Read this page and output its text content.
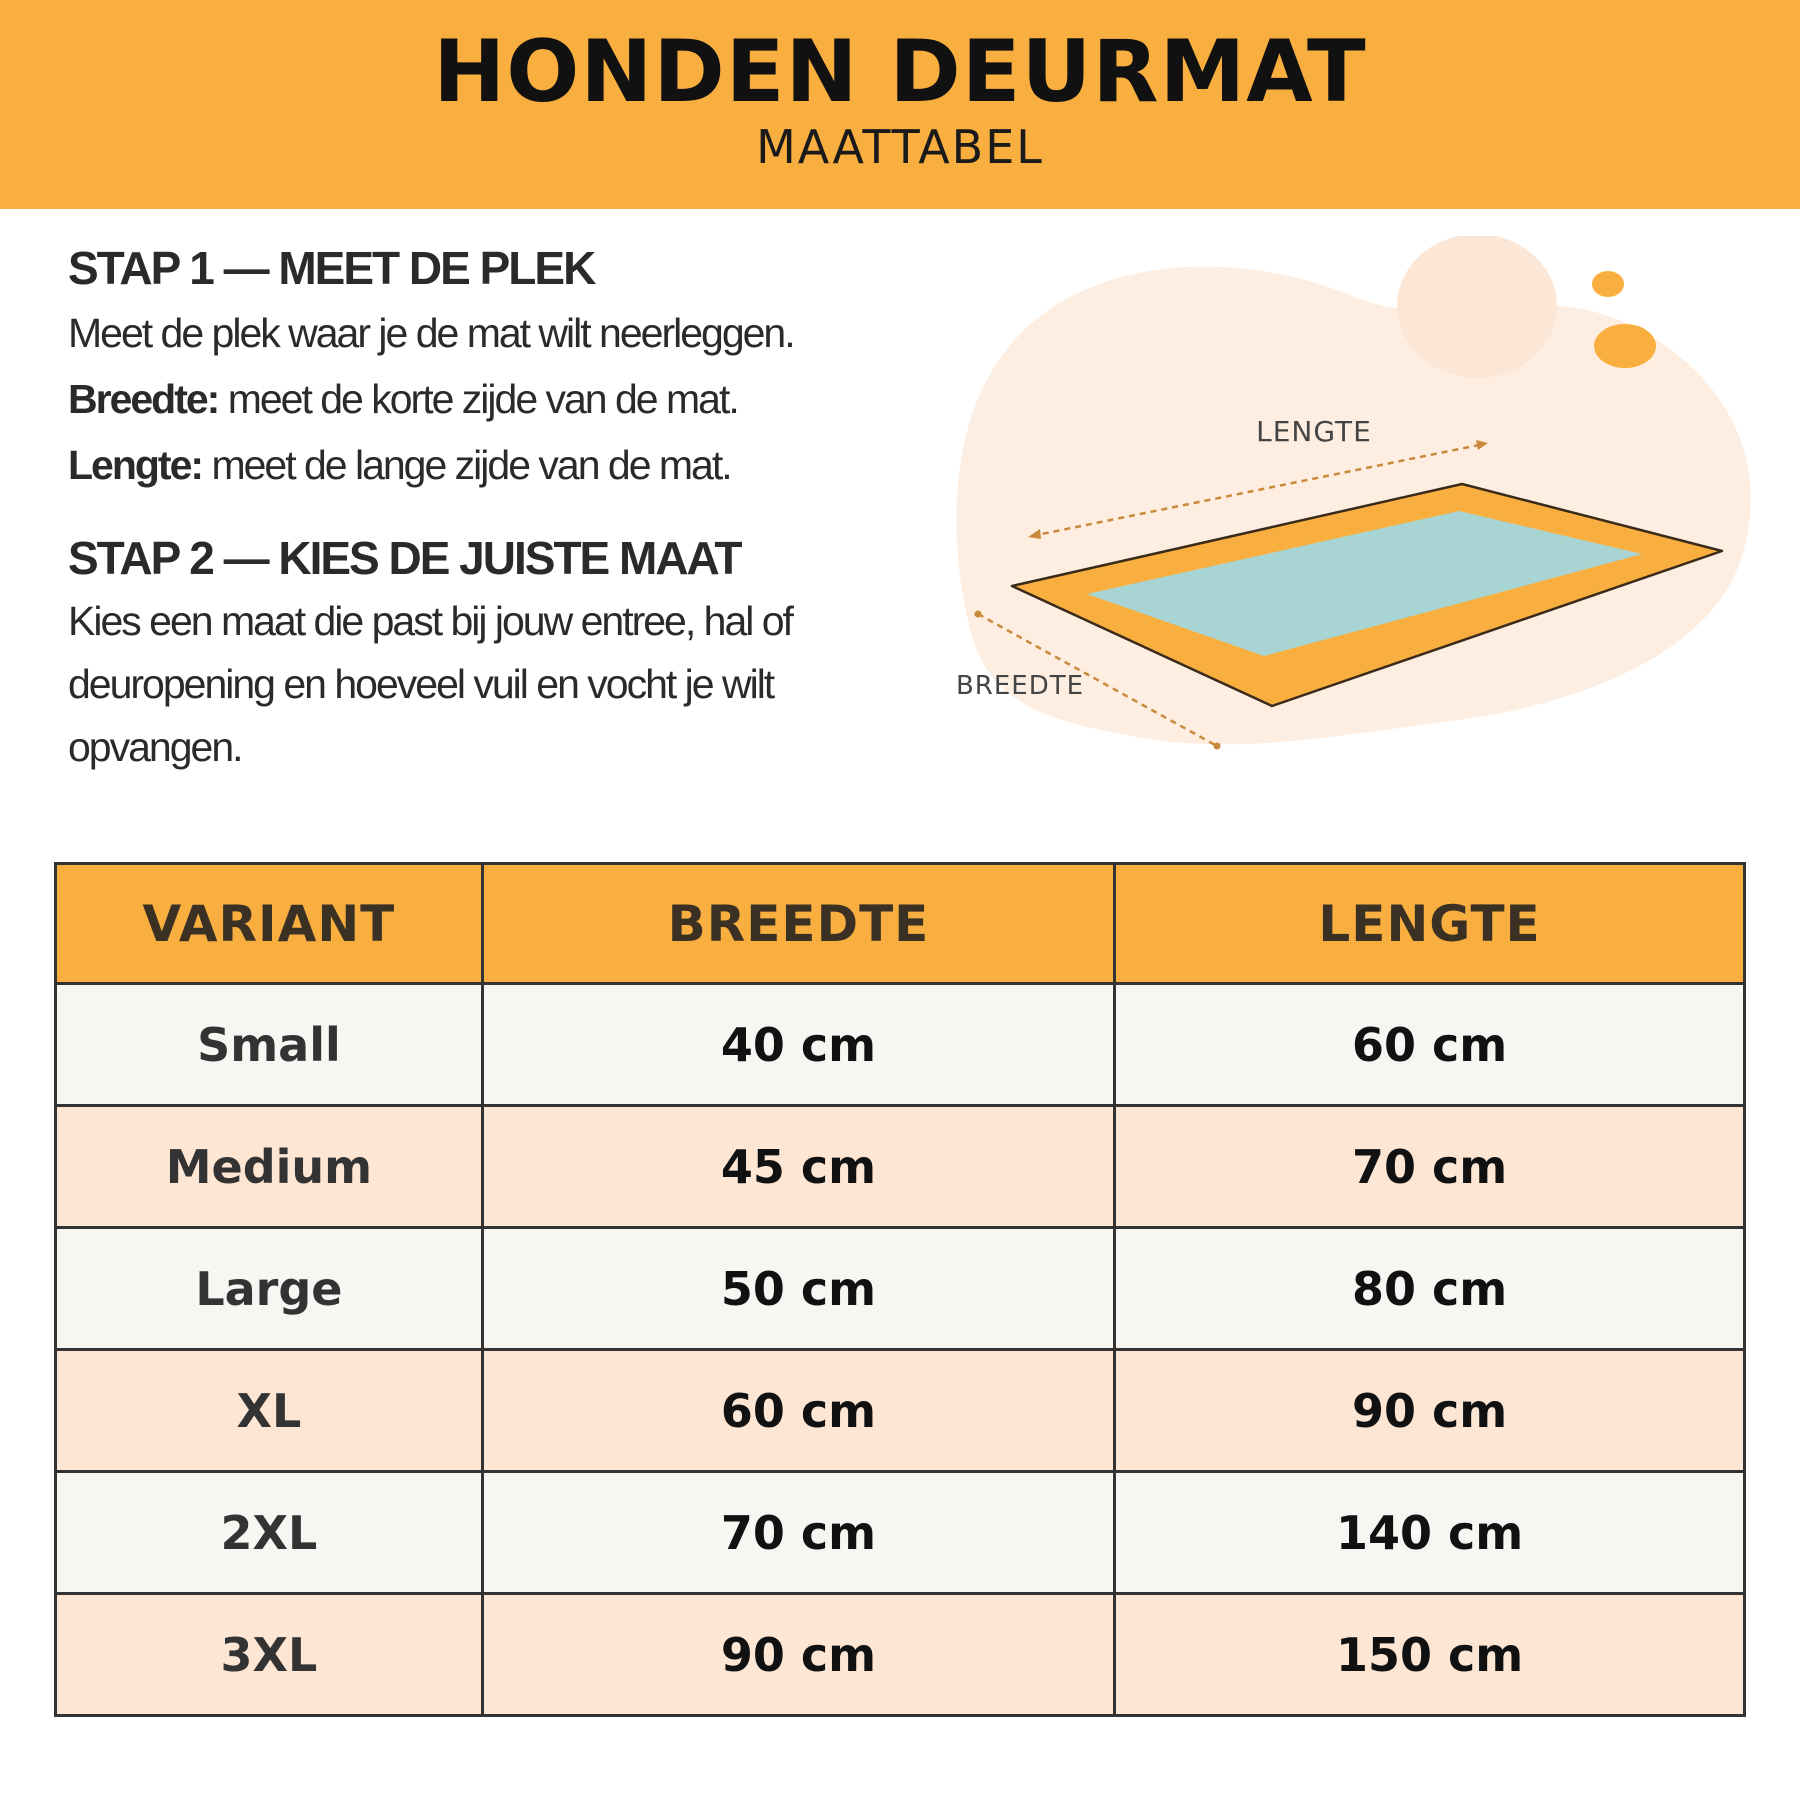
HONDEN DEURMAT
MAATTABEL

STAP 1 — MEET DE PLEK

Meet de plek waar je de mat wilt neerleggen.

Breedte: meet de korte zijde van de mat.

Lengte: meet de lange zijde van de mat.

STAP 2 — KIES DE JUISTE MAAT

Kies een maat die past bij jouw entree, hal of

deuropening en hoeveel vuil en vocht je wilt

opvangen.

LENGTE
BREEDTE
VARIANT	BREEDTE	LENGTE
Small	40 cm	60 cm
Medium	45 cm	70 cm
Large	50 cm	80 cm
XL	60 cm	90 cm
2XL	70 cm	140 cm
3XL	90 cm	150 cm
